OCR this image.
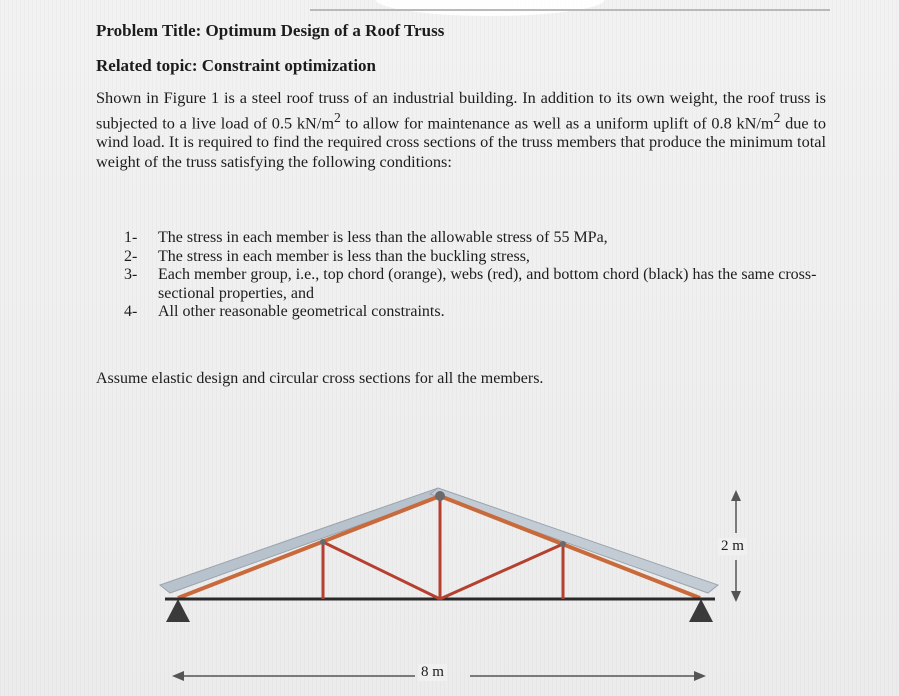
Problem Title: Optimum Design of a Roof Truss
Related topic: Constraint optimization
Shown in Figure 1 is a steel roof truss of an industrial building. In addition to its own weight, the roof truss is subjected to a live load of 0.5 $kN/m^2$ to allow for maintenance as well as a uniform uplift of 0.8 $kN/m^2$ due to wind load. It is required to find the required cross sections of the truss members that produce the minimum total weight of the truss satisfying the following conditions:
1-	The stress in each member is less than the allowable stress of 55 MPa,
2-	The stress in each member is less than the buckling stress,
3-	Each member group, i.e., top chord (orange), webs (red), and bottom chord (black) has the same cross-sectional properties, and
4-	All other reasonable geometrical constraints.
Assume elastic design and circular cross sections for all the members.
8 m
2 m
